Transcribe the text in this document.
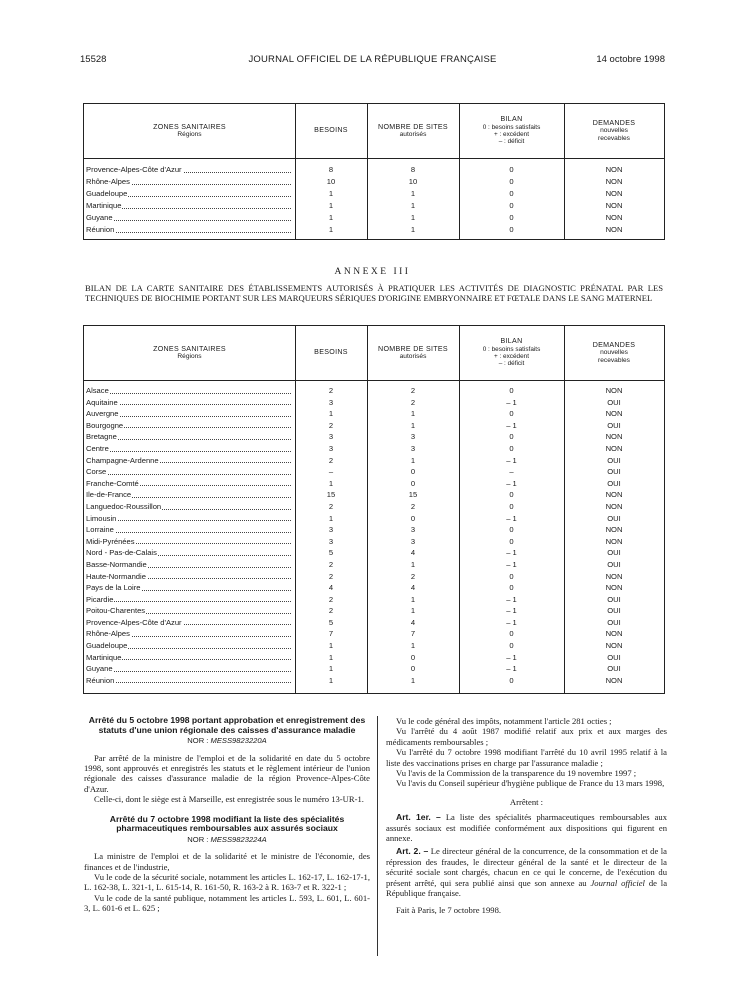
15528	JOURNAL OFFICIEL DE LA RÉPUBLIQUE FRANÇAISE	14 octobre 1998
ZONES SANITAIRES
Régions
BESOINS	NOMBRE DE SITES
autorisés
BILAN
0 : besoins satisfaits
+ : excédent
– : déficit
DEMANDES
nouvelles
recevables
Provence-Alpes-Côte d'Azur	8	8	0	NON
Rhône-Alpes	10	10	0	NON
Guadeloupe	1	1	0	NON
Martinique	1	1	0	NON
Guyane	1	1	0	NON
Réunion	1	1	0	NON
ANNEXE III
BILAN DE LA CARTE SANITAIRE DES ÉTABLISSEMENTS AUTORISÉS À PRATIQUER LES ACTIVITÉS DE DIAGNOSTIC PRÉNATAL PAR LES TECHNIQUES DE BIOCHIMIE PORTANT SUR LES MARQUEURS SÉRIQUES D'ORIGINE EMBRYONNAIRE ET FŒTALE DANS LE SANG MATERNEL
ZONES SANITAIRES
Régions
BESOINS	NOMBRE DE SITES
autorisés
BILAN
0 : besoins satisfaits
+ : excédent
– : déficit
DEMANDES
nouvelles
recevables
Alsace	2	2	0	NON
Aquitaine	3	2	– 1	OUI
Auvergne	1	1	0	NON
Bourgogne	2	1	– 1	OUI
Bretagne	3	3	0	NON
Centre	3	3	0	NON
Champagne-Ardenne	2	1	– 1	OUI
Corse	–	0	–	OUI
Franche-Comté	1	0	– 1	OUI
Ile-de-France	15	15	0	NON
Languedoc-Roussillon	2	2	0	NON
Limousin	1	0	– 1	OUI
Lorraine	3	3	0	NON
Midi-Pyrénées	3	3	0	NON
Nord - Pas-de-Calais	5	4	– 1	OUI
Basse-Normandie	2	1	– 1	OUI
Haute-Normandie	2	2	0	NON
Pays de la Loire	4	4	0	NON
Picardie	2	1	– 1	OUI
Poitou-Charentes	2	1	– 1	OUI
Provence-Alpes-Côte d'Azur	5	4	– 1	OUI
Rhône-Alpes	7	7	0	NON
Guadeloupe	1	1	0	NON
Martinique	1	0	– 1	OUI
Guyane	1	0	– 1	OUI
Réunion	1	1	0	NON

Arrêté du 5 octobre 1998 portant approbation et enregistrement des statuts d'une union régionale des caisses d'assurance maladie

NOR : MESS9823220A

Par arrêté de la ministre de l'emploi et de la solidarité en date du 5 octobre 1998, sont approuvés et enregistrés les statuts et le règlement intérieur de l'union régionale des caisses d'assurance maladie de la région Provence-Alpes-Côte d'Azur.

Celle-ci, dont le siège est à Marseille, est enregistrée sous le numéro 13-UR-1.

Arrêté du 7 octobre 1998 modifiant la liste des spécialités pharmaceutiques remboursables aux assurés sociaux

NOR : MESS9823224A

La ministre de l'emploi et de la solidarité et le ministre de l'économie, des finances et de l'industrie,

Vu le code de la sécurité sociale, notamment les articles L. 162-17, L. 162-17-1, L. 162-38, L. 321-1, L. 615-14, R. 161-50, R. 163-2 à R. 163-7 et R. 322-1 ;

Vu le code de la santé publique, notamment les articles L. 593, L. 601, L. 601-3, L. 601-6 et L. 625 ;

Vu le code général des impôts, notamment l'article 281 octies ;

Vu l'arrêté du 4 août 1987 modifié relatif aux prix et aux marges des médicaments remboursables ;

Vu l'arrêté du 7 octobre 1998 modifiant l'arrêté du 10 avril 1995 relatif à la liste des vaccinations prises en charge par l'assurance maladie ;

Vu l'avis de la Commission de la transparence du 19 novembre 1997 ;

Vu l'avis du Conseil supérieur d'hygiène publique de France du 13 mars 1998,

Arrêtent :

Art. 1er. – La liste des spécialités pharmaceutiques remboursables aux assurés sociaux est modifiée conformément aux dispositions qui figurent en annexe.

Art. 2. – Le directeur général de la concurrence, de la consommation et de la répression des fraudes, le directeur général de la santé et le directeur de la sécurité sociale sont chargés, chacun en ce qui le concerne, de l'exécution du présent arrêté, qui sera publié ainsi que son annexe au Journal officiel de la République française.

Fait à Paris, le 7 octobre 1998.
